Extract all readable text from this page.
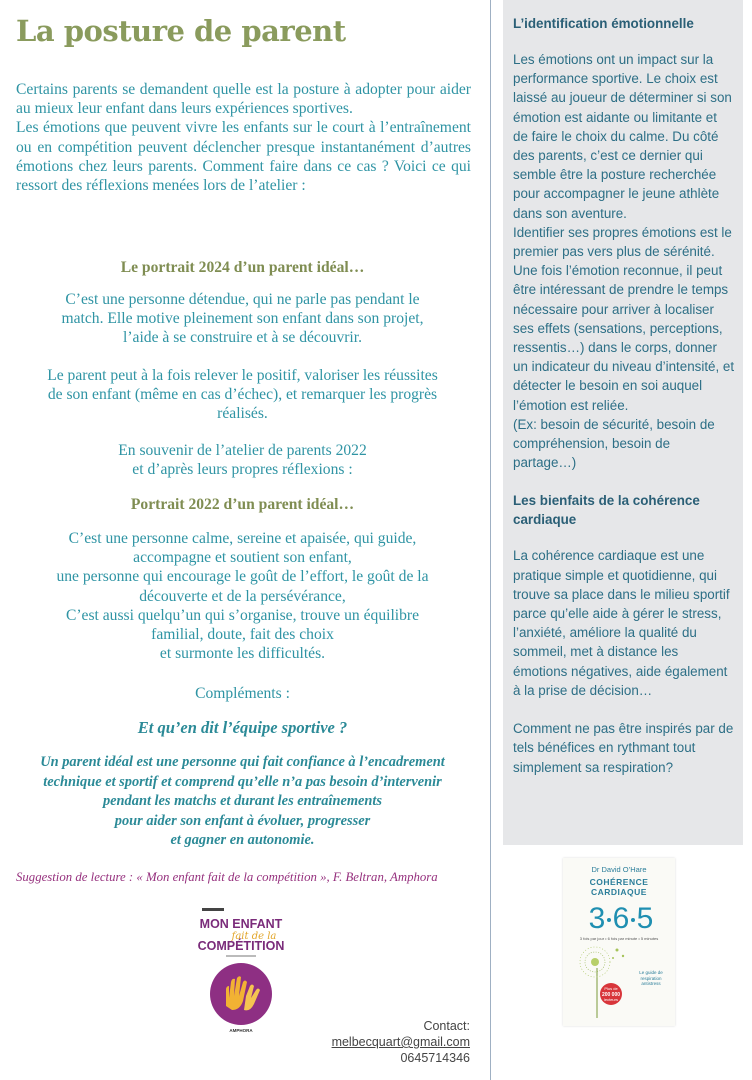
La posture de parent

Certains parents se demandent quelle est la posture à adopter pour aider au mieux leur enfant dans leurs expériences sportives.

Les émotions que peuvent vivre les enfants sur le court à l’entraînement ou en compétition peuvent déclencher presque instantanément d’autres émotions chez leurs parents. Comment faire dans ce cas ? Voici ce qui ressort des réflexions menées lors de l’atelier :

Le portrait 2024 d’un parent idéal…

C’est une personne détendue, qui ne parle pas pendant le
match. Elle motive pleinement son enfant dans son projet,
l’aide à se construire et à se découvrir.
Le parent peut à la fois relever le positif, valoriser les réussites
de son enfant (même en cas d’échec), et remarquer les progrès
réalisés.
En souvenir de l’atelier de parents 2022
et d’après leurs propres réflexions :

Portrait 2022 d’un parent idéal…

C’est une personne calme, sereine et apaisée, qui guide,
accompagne et soutient son enfant,
une personne qui encourage le goût de l’effort, le goût de la
découverte et de la persévérance,
C’est aussi quelqu’un qui s’organise, trouve un équilibre
familial, doute, fait des choix
et surmonte les difficultés.

Compléments :

Et qu’en dit l’équipe sportive ?

Un parent idéal est une personne qui fait confiance à l’encadrement
technique et sportif et comprend qu’elle n’a pas besoin d’intervenir
pendant les matchs et durant les entraînements
pour aider son enfant à évoluer, progresser
et gagner en autonomie.

Suggestion de lecture : « Mon enfant fait de la compétition », F. Beltran, Amphora

MON ENFANT
fait de la
COMPÉTITION
AMPHORA	Contact:
melbecquart@gmail.com
0645714346
L’identification émotionnelle

Les émotions ont un impact sur la performance sportive. Le choix est laissé au joueur de déterminer si son émotion est aidante ou limitante et de faire le choix du calme. Du côté des parents, c’est ce dernier qui semble être la posture recherchée pour accompagner le jeune athlète dans son aventure.

Identifier ses propres émotions est le premier pas vers plus de sérénité.

Une fois l’émotion reconnue, il peut être intéressant de prendre le temps nécessaire pour arriver à localiser ses effets (sensations, perceptions, ressentis…) dans le corps, donner un indicateur du niveau d’intensité, et détecter le besoin en soi auquel l’émotion est reliée.

(Ex: besoin de sécurité, besoin de compréhension, besoin de partage…)

Les bienfaits de la cohérence cardiaque

La cohérence cardiaque est une pratique simple et quotidienne, qui trouve sa place dans le milieu sportif parce qu’elle aide à gérer le stress, l’anxiété, améliore la qualité du sommeil, met à distance les émotions négatives, aide également à la prise de décision…

Comment ne pas être inspirés par de tels bénéfices en rythmant tout simplement sa respiration?

Dr David O’Hare
COHÉRENCE
CARDIAQUE
3 6 5
3 fois par jour • 6 fois par minute • 5 minutes
Plus de
200 000
lecteurs
Le guide de respiration antistress
